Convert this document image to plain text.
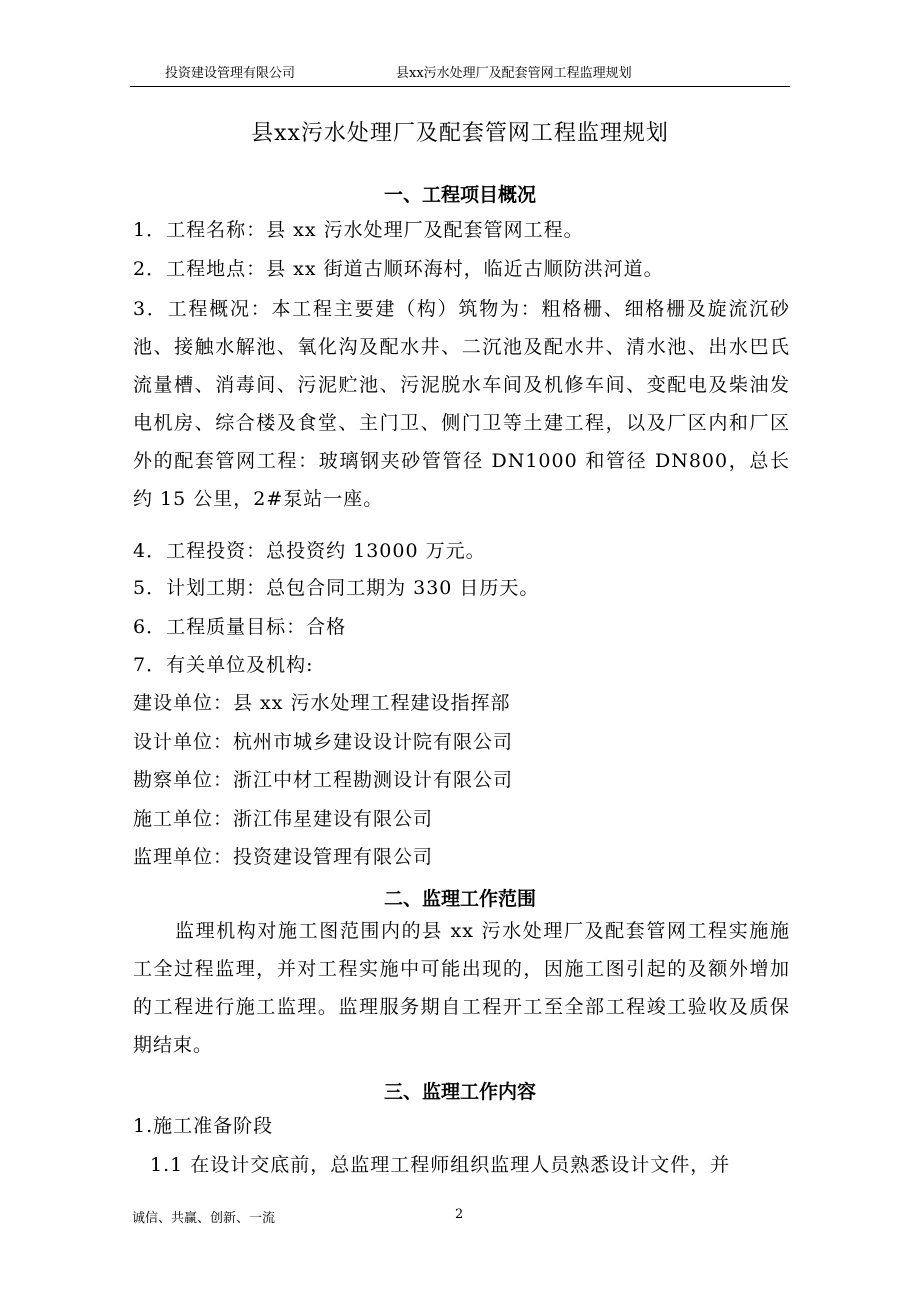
投资建设管理有限公司	县xx污水处理厂及配套管网工程监理规划
县xx污水处理厂及配套管网工程监理规划
一、工程项目概况
1．工程名称：县 xx 污水处理厂及配套管网工程。
2．工程地点：县 xx 街道古顺环海村，临近古顺防洪河道。
3．工程概况：本工程主要建（构）筑物为：粗格栅、细格栅及旋流沉砂池、接触水解池、氧化沟及配水井、二沉池及配水井、清水池、出水巴氏流量槽、消毒间、污泥贮池、污泥脱水车间及机修车间、变配电及柴油发电机房、综合楼及食堂、主门卫、侧门卫等土建工程，以及厂区内和厂区外的配套管网工程：玻璃钢夹砂管管径 DN1000 和管径 DN800，总长约 15 公里，2#泵站一座。
4．工程投资：总投资约 13000 万元。
5．计划工期：总包合同工期为 330 日历天。
6．工程质量目标：合格
7．有关单位及机构:
建设单位：县 xx 污水处理工程建设指挥部
设计单位：杭州市城乡建设设计院有限公司
勘察单位：浙江中材工程勘测设计有限公司
施工单位：浙江伟星建设有限公司
监理单位：投资建设管理有限公司
二、监理工作范围
监理机构对施工图范围内的县 xx 污水处理厂及配套管网工程实施施工全过程监理，并对工程实施中可能出现的，因施工图引起的及额外增加的工程进行施工监理。监理服务期自工程开工至全部工程竣工验收及质保期结束。
三、监理工作内容
1.施工准备阶段
1.1 在设计交底前，总监理工程师组织监理人员熟悉设计文件，并
诚信、共赢、创新、一流	2
